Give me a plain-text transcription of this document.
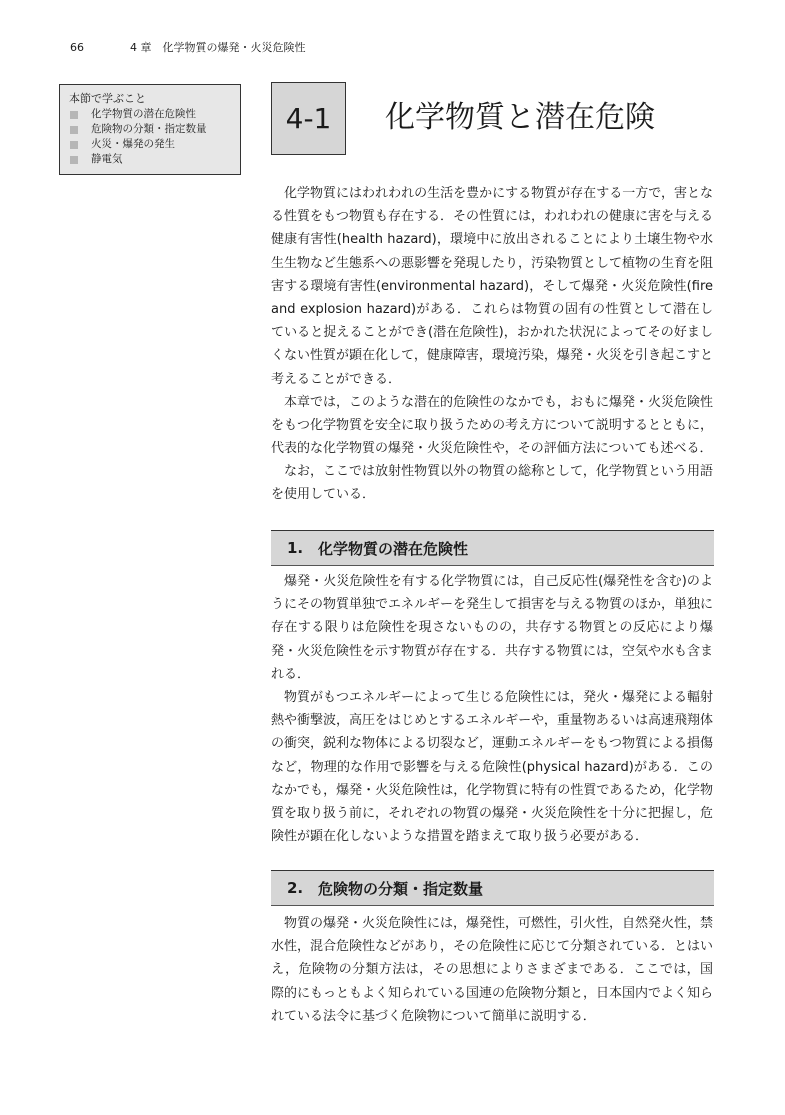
66	4 章　化学物質の爆発・火災危険性
本節で学ぶこと
化学物質の潜在危険性
危険物の分類・指定数量
火災・爆発の発生
静電気
4-1 化学物質と潜在危険

化学物質にはわれわれの生活を豊かにする物質が存在する一方で，害となる性質をもつ物質も存在する．その性質には，われわれの健康に害を与える健康有害性(health hazard)，環境中に放出されることにより土壌生物や水生生物など生態系への悪影響を発現したり，汚染物質として植物の生育を阻害する環境有害性(environmental hazard)，そして爆発・火災危険性(fire and explosion hazard)がある．これらは物質の固有の性質として潜在していると捉えることができ(潜在危険性)，おかれた状況によってその好ましくない性質が顕在化して，健康障害，環境汚染，爆発・火災を引き起こすと考えることができる．

本章では，このような潜在的危険性のなかでも，おもに爆発・火災危険性をもつ化学物質を安全に取り扱うための考え方について説明するとともに，代表的な化学物質の爆発・火災危険性や，その評価方法についても述べる．

なお，ここでは放射性物質以外の物質の総称として，化学物質という用語を使用している．

1. 化学物質の潜在危険性

爆発・火災危険性を有する化学物質には，自己反応性(爆発性を含む)のようにその物質単独でエネルギーを発生して損害を与える物質のほか，単独に存在する限りは危険性を現さないものの，共存する物質との反応により爆発・火災危険性を示す物質が存在する．共存する物質には，空気や水も含まれる．

物質がもつエネルギーによって生じる危険性には，発火・爆発による輻射熱や衝撃波，高圧をはじめとするエネルギーや，重量物あるいは高速飛翔体の衝突，鋭利な物体による切裂など，運動エネルギーをもつ物質による損傷など，物理的な作用で影響を与える危険性(physical hazard)がある．このなかでも，爆発・火災危険性は，化学物質に特有の性質であるため，化学物質を取り扱う前に，それぞれの物質の爆発・火災危険性を十分に把握し，危険性が顕在化しないような措置を踏まえて取り扱う必要がある．

2. 危険物の分類・指定数量

物質の爆発・火災危険性には，爆発性，可燃性，引火性，自然発火性，禁水性，混合危険性などがあり，その危険性に応じて分類されている．とはいえ，危険物の分類方法は，その思想によりさまざまである．ここでは，国際的にもっともよく知られている国連の危険物分類と，日本国内でよく知られている法令に基づく危険物について簡単に説明する．
